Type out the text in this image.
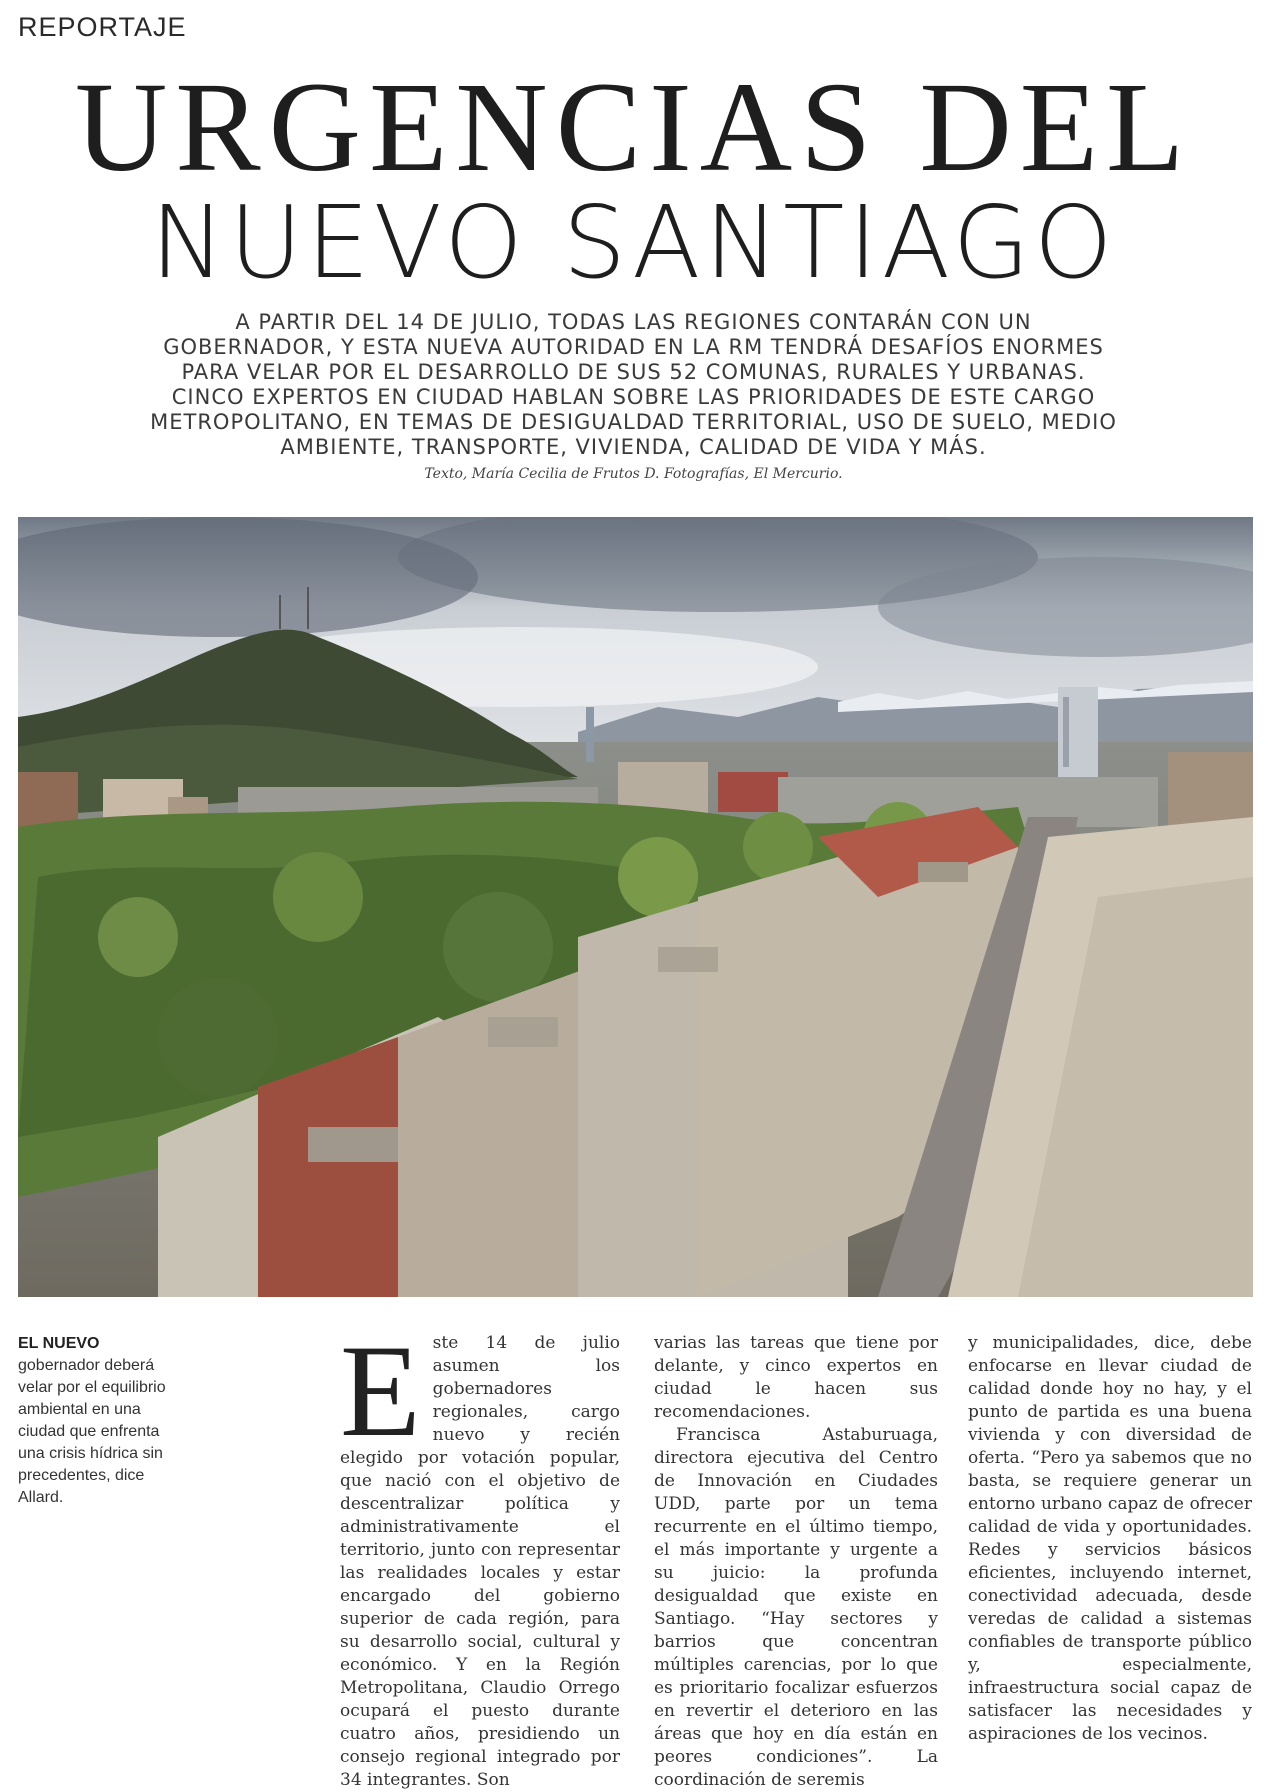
REPORTAJE
URGENCIAS DEL
NUEVO SANTIAGO
A PARTIR DEL 14 DE JULIO, TODAS LAS REGIONES CONTARÁN CON UN GOBERNADOR, Y ESTA NUEVA AUTORIDAD EN LA RM TENDRÁ DESAFÍOS ENORMES PARA VELAR POR EL DESARROLLO DE SUS 52 COMUNAS, RURALES Y URBANAS. CINCO EXPERTOS EN CIUDAD HABLAN SOBRE LAS PRIORIDADES DE ESTE CARGO METROPOLITANO, EN TEMAS DE DESIGUALDAD TERRITORIAL, USO DE SUELO, MEDIO AMBIENTE, TRANSPORTE, VIVIENDA, CALIDAD DE VIDA Y MÁS.
Texto, María Cecilia de Frutos D. Fotografías, El Mercurio.
EL NUEVO
gobernador deberá velar por el equilibrio ambiental en una ciudad que enfrenta una crisis hídrica sin precedentes, dice Allard.

Este 14 de julio asumen los gobernadores regionales, cargo nuevo y recién elegido por votación popular, que nació con el objetivo de descentralizar política y administrativamente el territorio, junto con representar las realidades locales y estar encargado del gobierno superior de cada región, para su desarrollo social, cultural y económico. Y en la Región Metropolitana, Claudio Orrego ocupará el puesto durante cuatro años, presidiendo un consejo regional integrado por 34 integrantes. Son

varias las tareas que tiene por delante, y cinco expertos en ciudad le hacen sus recomendaciones.

Francisca Astaburuaga, directora ejecutiva del Centro de Innovación en Ciudades UDD, parte por un tema recurrente en el último tiempo, el más importante y urgente a su juicio: la profunda desigualdad que existe en Santiago. “Hay sectores y barrios que concentran múltiples carencias, por lo que es prioritario focalizar esfuerzos en revertir el deterioro en las áreas que hoy en día están en peores condiciones”. La coordinación de seremis

y municipalidades, dice, debe enfocarse en llevar ciudad de calidad donde hoy no hay, y el punto de partida es una buena vivienda y con diversidad de oferta. “Pero ya sabemos que no basta, se requiere generar un entorno urbano capaz de ofrecer calidad de vida y oportunidades. Redes y servicios básicos eficientes, incluyendo internet, conectividad adecuada, desde veredas de calidad a sistemas confiables de transporte público y, especialmente, infraestructura social capaz de satisfacer las necesidades y aspiraciones de los vecinos.
